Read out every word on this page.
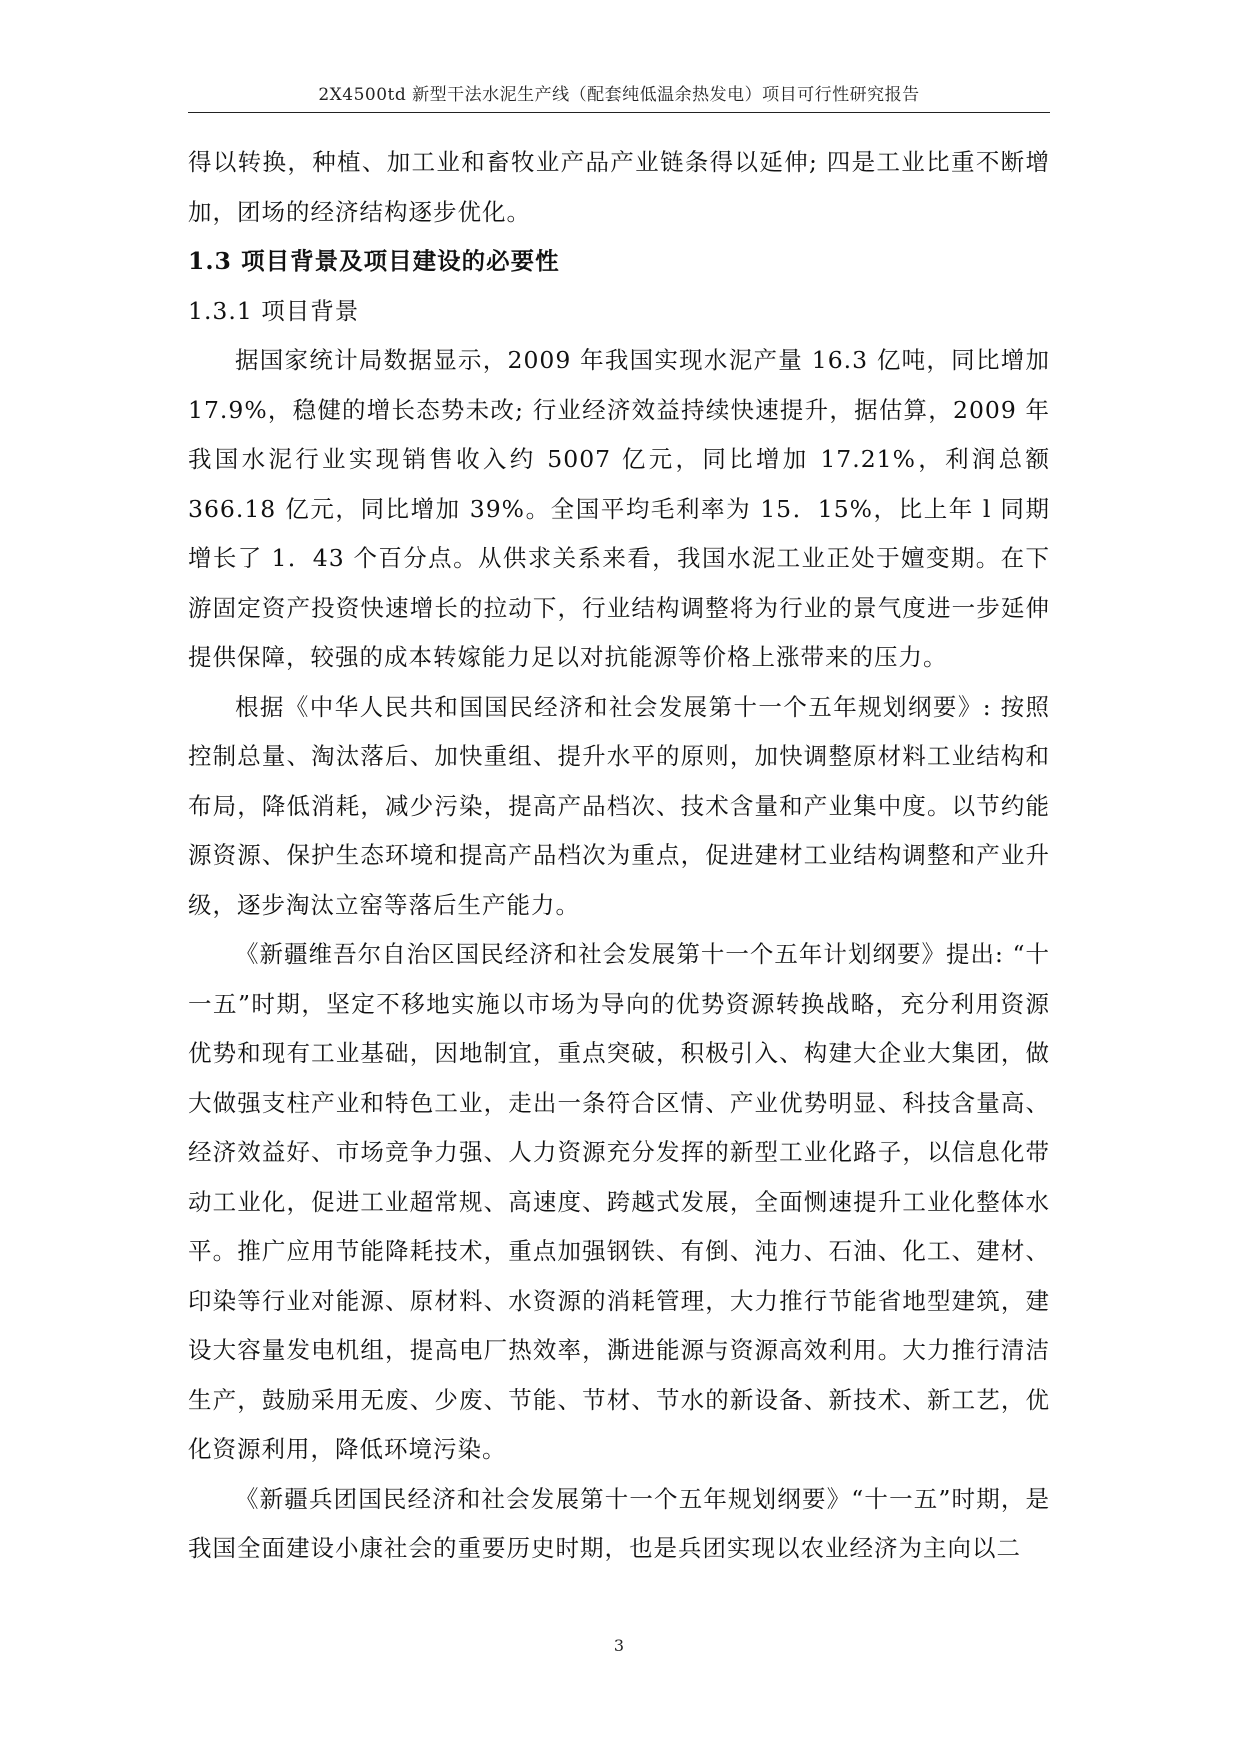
2X4500td 新型干法水泥生产线（配套纯低温余热发电）项目可行性研究报告

得以转换，种植、加工业和畜牧业产品产业链条得以延伸; 四是工业比重不断增加，团场的经济结构逐步优化。

1.3 项目背景及项目建设的必要性

1.3.1 项目背景

据国家统计局数据显示，2009 年我国实现水泥产量 16.3 亿吨，同比增加 17.9%，稳健的增长态势未改; 行业经济效益持续快速提升，据估算，2009 年我国水泥行业实现销售收入约 5007 亿元，同比增加 17.21%，利润总额 366.18 亿元，同比增加 39%。全国平均毛利率为 15．15%，比上年 l 同期增长了 1．43 个百分点。从供求关系来看，我国水泥工业正处于嬗变期。在下游固定资产投资快速增长的拉动下，行业结构调整将为行业的景气度进一步延伸提供保障，较强的成本转嫁能力足以对抗能源等价格上涨带来的压力。

根据《中华人民共和国国民经济和社会发展第十一个五年规划纲要》: 按照控制总量、淘汰落后、加快重组、提升水平的原则，加快调整原材料工业结构和布局，降低消耗，减少污染，提高产品档次、技术含量和产业集中度。以节约能源资源、保护生态环境和提高产品档次为重点，促进建材工业结构调整和产业升级，逐步淘汰立窑等落后生产能力。

《新疆维吾尔自治区国民经济和社会发展第十一个五年计划纲要》提出: “十一五”时期，坚定不移地实施以市场为导向的优势资源转换战略，充分利用资源优势和现有工业基础，因地制宜，重点突破，积极引入、构建大企业大集团，做大做强支柱产业和特色工业，走出一条符合区情、产业优势明显、科技含量高、经济效益好、市场竞争力强、人力资源充分发挥的新型工业化路子，以信息化带动工业化，促进工业超常规、高速度、跨越式发展，全面恻速提升工业化整体水平。推广应用节能降耗技术，重点加强钢铁、有倒、沌力、石油、化工、建材、印染等行业对能源、原材料、水资源的消耗管理，大力推行节能省地型建筑，建设大容量发电机组，提高电厂热效率，澌进能源与资源高效利用。大力推行清洁生产，鼓励采用无废、少废、节能、节材、节水的新设备、新技术、新工艺，优化资源利用，降低环境污染。

《新疆兵团国民经济和社会发展第十一个五年规划纲要》“十一五”时期，是我国全面建设小康社会的重要历史时期，也是兵团实现以农业经济为主向以二

3
